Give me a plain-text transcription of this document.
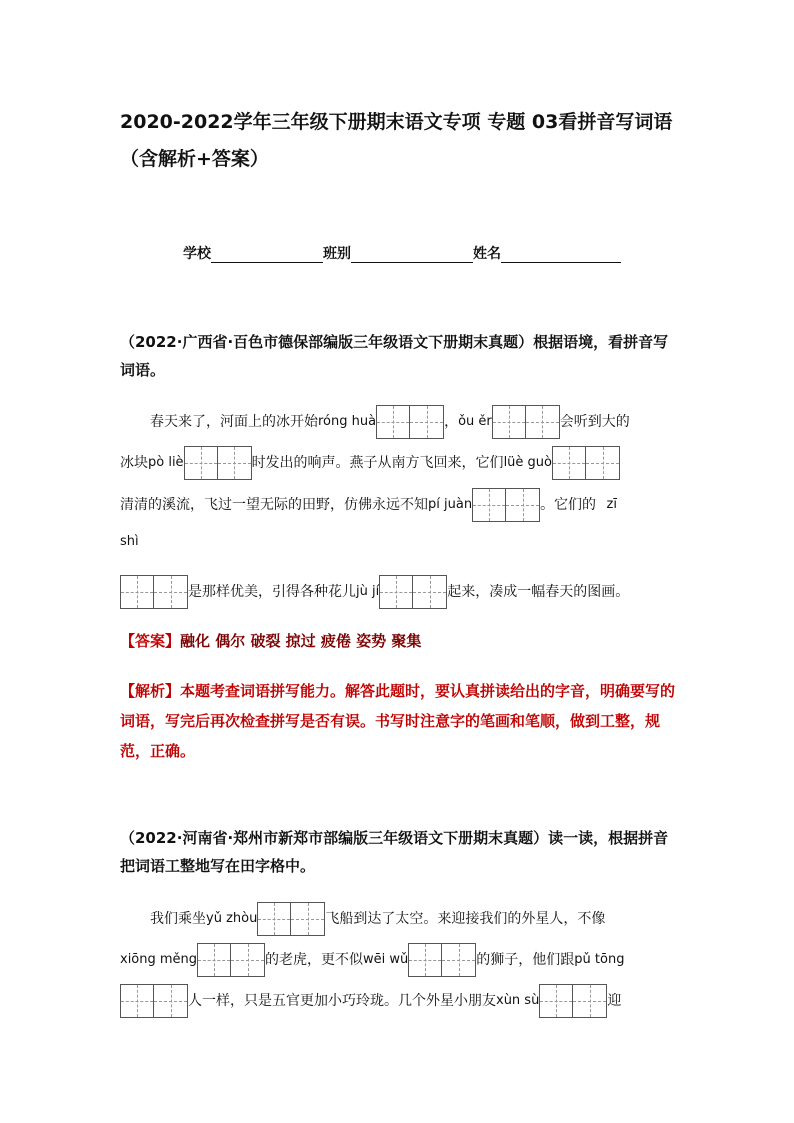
2020-2022学年三年级下册期末语文专项 专题 03看拼音写词语（含解析+答案）
学校	班别	姓名
（2022·广西省·百色市德保部编版三年级语文下册期末真题）根据语境，看拼音写词语。
春天来了，河面上的冰开始róng huà	，ǒu ěr	会听到大的
冰块pò liè	时发出的响声。燕子从南方飞回来，它们lüè guò
清清的溪流，飞过一望无际的田野，仿佛永远不知pí juàn	。它们的 zī
shì
是那样优美，引得各种花儿jù jí	起来，凑成一幅春天的图画。
【答案】融化 偶尔 破裂 掠过 疲倦 姿势 聚集
【解析】本题考查词语拼写能力。解答此题时，要认真拼读给出的字音，明确要写的词语，写完后再次检查拼写是否有误。书写时注意字的笔画和笔顺，做到工整，规范，正确。
（2022·河南省·郑州市新郑市部编版三年级语文下册期末真题）读一读，根据拼音把词语工整地写在田字格中。
我们乘坐yǔ zhòu	飞船到达了太空。来迎接我们的外星人，不像
xiōng měng	的老虎，更不似wēi wǔ	的狮子，他们跟pǔ tōng
人一样，只是五官更加小巧玲珑。几个外星小朋友xùn sù	迎
